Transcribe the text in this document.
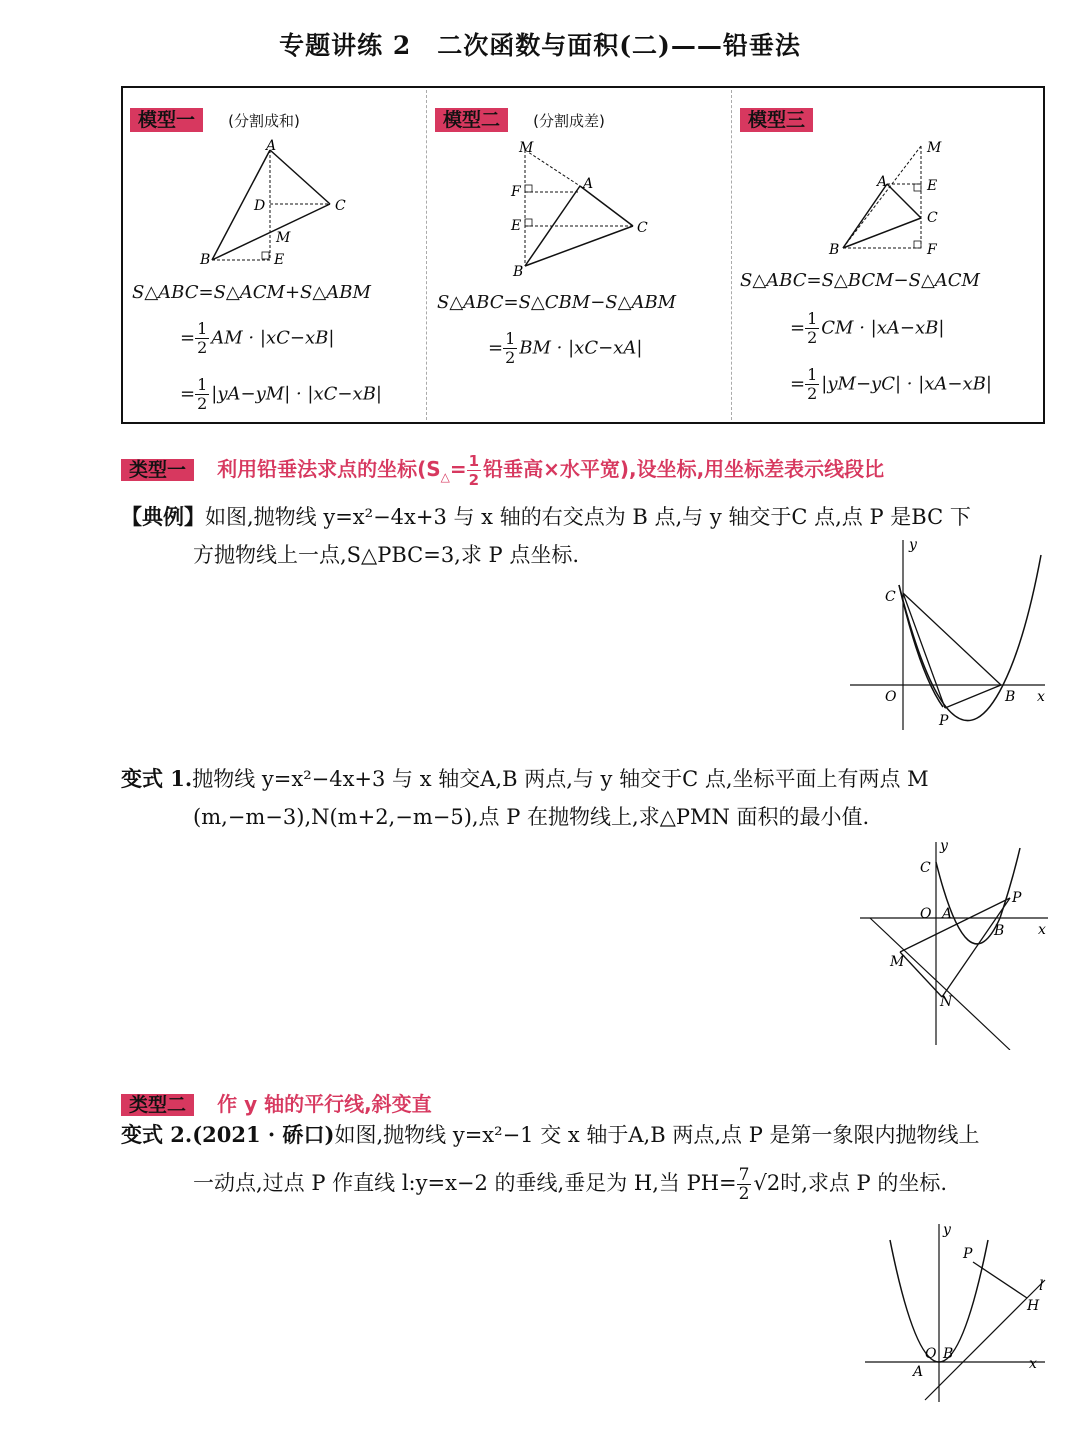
专题讲练 2　二次函数与面积(二)——铅垂法
模型一 (分割成和)
A
B
C
D
M
E
S△ABC=S△ACM+S△ABM
= $\frac{1}{2}$ AM · |xC−xB|
= $\frac{1}{2} |yA-yM| \cdot |xC-xB|$
模型二 (分割成差)
M
F	A
E	C
B
S△ABC=S△CBM−S△ABM
= $\frac{1}{2}$ BM · |xC−xA|
模型三
M
A	E
C
B	F
S△ABC=S△BCM−S△ACM
= $\frac{1}{2}$ CM · |xA−xB|
= $\frac{1}{2} |yM-yC| \cdot |xA-xB|$
类型一 利用铅垂法求点的坐标($S_\triangle= \frac{1}{2}$ 铅垂高×水平宽),设坐标,用坐标差表示线段比
【典例】如图,抛物线 y=x²−4x+3 与 x 轴的右交点为 B 点,与 y 轴交于C 点,点 P 是BC 下
方抛物线上一点,S△PBC=3,求 P 点坐标.	y
x
C
O	B
P
变式 1.抛物线 y=x²−4x+3 与 x 轴交A,B 两点,与 y 轴交于C 点,坐标平面上有两点 M
(m,−m−3),N(m+2,−m−5),点 P 在抛物线上,求△PMN 面积的最小值.
y
x
C
O A
B
P
M
N
类型二 作 y 轴的平行线,斜变直
变式 2.(2021 · 硚口)如图,抛物线 y=x²−1 交 x 轴于A,B 两点,点 P 是第一象限内抛物线上
一动点,过点 P 作直线 l:y=x−2 的垂线,垂足为 H,当 $PH= \frac{7}{2} √2$时,求点 P 的坐标.
y
x
P
l
H
O B
A
